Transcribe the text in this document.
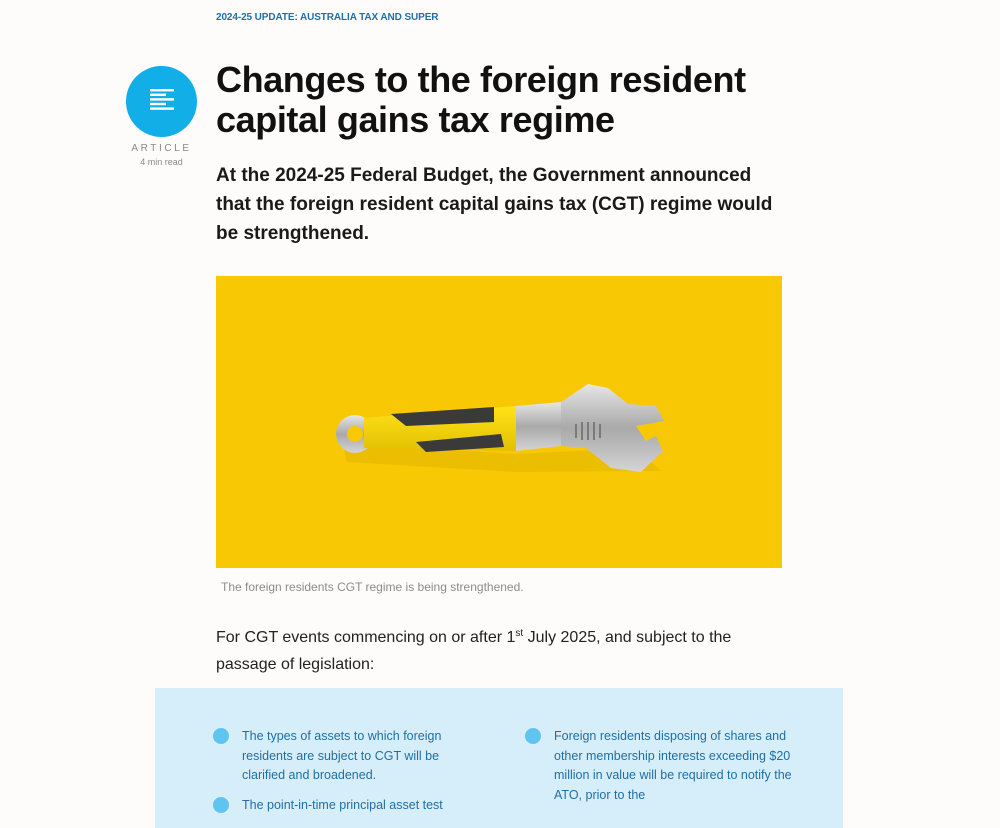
2024-25 UPDATE: AUSTRALIA TAX AND SUPER
ARTICLE
4 min read
Changes to the foreign resident capital gains tax regime

At the 2024-25 Federal Budget, the Government announced that the foreign resident capital gains tax (CGT) regime would be strengthened.

The foreign residents CGT regime is being strengthened.

For CGT events commencing on or after 1st July 2025, and subject to the passage of legislation:

The types of assets to which foreign residents are subject to CGT will be clarified and broadened.
The point-in-time principal asset test
Foreign residents disposing of shares and other membership interests exceeding $20 million in value will be required to notify the ATO, prior to the
